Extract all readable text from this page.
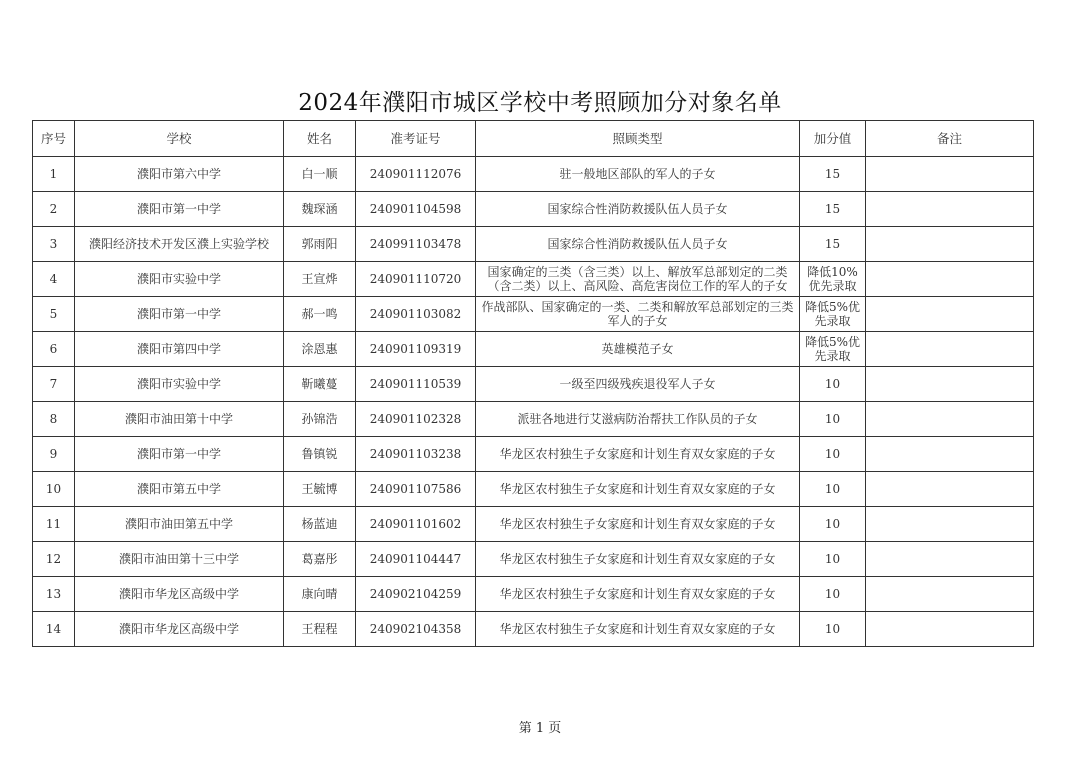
2024年濮阳市城区学校中考照顾加分对象名单
序号	学校	姓名	准考证号	照顾类型	加分值	备注
1	濮阳市第六中学	白一顺	240901112076	驻一般地区部队的军人的子女	15	
2	濮阳市第一中学	魏琛涵	240901104598	国家综合性消防救援队伍人员子女	15	
3	濮阳经济技术开发区濮上实验学校	郭雨阳	240991103478	国家综合性消防救援队伍人员子女	15	
4	濮阳市实验中学	王宣烨	240901110720	国家确定的三类（含三类）以上、解放军总部划定的二类（含二类）以上、高风险、高危害岗位工作的军人的子女	降低10%优先录取	
5	濮阳市第一中学	郝一鸣	240901103082	作战部队、国家确定的一类、二类和解放军总部划定的三类军人的子女	降低5%优先录取	
6	濮阳市第四中学	涂恩惠	240901109319	英雄模范子女	降低5%优先录取	
7	濮阳市实验中学	靳曦蔓	240901110539	一级至四级残疾退役军人子女	10	
8	濮阳市油田第十中学	孙锦浩	240901102328	派驻各地进行艾滋病防治帮扶工作队员的子女	10	
9	濮阳市第一中学	鲁镇锐	240901103238	华龙区农村独生子女家庭和计划生育双女家庭的子女	10	
10	濮阳市第五中学	王毓博	240901107586	华龙区农村独生子女家庭和计划生育双女家庭的子女	10	
11	濮阳市油田第五中学	杨蓝迪	240901101602	华龙区农村独生子女家庭和计划生育双女家庭的子女	10	
12	濮阳市油田第十三中学	葛嘉彤	240901104447	华龙区农村独生子女家庭和计划生育双女家庭的子女	10	
13	濮阳市华龙区高级中学	康向晴	240902104259	华龙区农村独生子女家庭和计划生育双女家庭的子女	10	
14	濮阳市华龙区高级中学	王程程	240902104358	华龙区农村独生子女家庭和计划生育双女家庭的子女	10	
第 1 页
